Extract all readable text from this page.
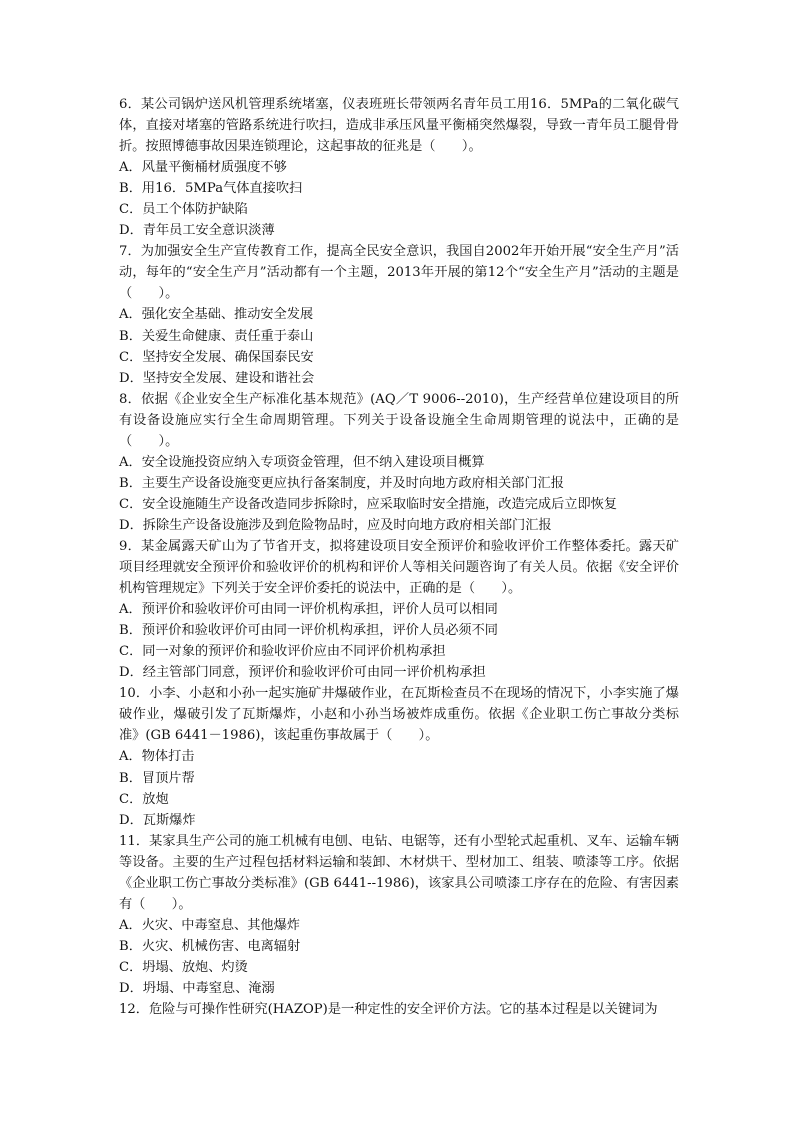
6．某公司锅炉送风机管理系统堵塞，仪表班班长带领两名青年员工用16．5MPa的二氧化碳气体，直接对堵塞的管路系统进行吹扫，造成非承压风量平衡桶突然爆裂，导致一青年员工腿骨骨折。按照博德事故因果连锁理论，这起事故的征兆是（　　）。

A．风量平衡桶材质强度不够

B．用16．5MPa气体直接吹扫

C．员工个体防护缺陷

D．青年员工安全意识淡薄

7．为加强安全生产宣传教育工作，提高全民安全意识，我国自2002年开始开展“安全生产月”活动，每年的“安全生产月”活动都有一个主题，2013年开展的第12个“安全生产月”活动的主题是（　　）。

A．强化安全基础、推动安全发展

B．关爱生命健康、责任重于泰山

C．坚持安全发展、确保国泰民安

D．坚持安全发展、建设和谐社会

8．依据《企业安全生产标准化基本规范》(AQ／T 9006--2010)，生产经营单位建设项目的所有设备设施应实行全生命周期管理。下列关于设备设施全生命周期管理的说法中，正确的是（　　）。

A．安全设施投资应纳入专项资金管理，但不纳入建设项目概算

B．主要生产设备设施变更应执行备案制度，并及时向地方政府相关部门汇报

C．安全设施随生产设备改造同步拆除时，应采取临时安全措施，改造完成后立即恢复

D．拆除生产设备设施涉及到危险物品时，应及时向地方政府相关部门汇报

9．某金属露天矿山为了节省开支，拟将建设项目安全预评价和验收评价工作整体委托。露天矿项目经理就安全预评价和验收评价的机构和评价人等相关问题咨询了有关人员。依据《安全评价机构管理规定》下列关于安全评价委托的说法中，正确的是（　　）。

A．预评价和验收评价可由同一评价机构承担，评价人员可以相同

B．预评价和验收评价可由同一评价机构承担，评价人员必须不同

C．同一对象的预评价和验收评价应由不同评价机构承担

D．经主管部门同意，预评价和验收评价可由同一评价机构承担

10．小李、小赵和小孙一起实施矿井爆破作业，在瓦斯检查员不在现场的情况下，小李实施了爆破作业，爆破引发了瓦斯爆炸，小赵和小孙当场被炸成重伤。依据《企业职工伤亡事故分类标准》(GB 6441－1986)，该起重伤事故属于（　　）。

A．物体打击

B．冒顶片帮

C．放炮

D．瓦斯爆炸

11．某家具生产公司的施工机械有电刨、电钻、电锯等，还有小型轮式起重机、叉车、运输车辆等设备。主要的生产过程包括材料运输和装卸、木材烘干、型材加工、组装、喷漆等工序。依据《企业职工伤亡事故分类标准》(GB 6441--1986)，该家具公司喷漆工序存在的危险、有害因素有（　　）。

A．火灾、中毒窒息、其他爆炸

B．火灾、机械伤害、电离辐射

C．坍塌、放炮、灼烫

D．坍塌、中毒窒息、淹溺

12．危险与可操作性研究(HAZOP)是一种定性的安全评价方法。它的基本过程是以关键词为
